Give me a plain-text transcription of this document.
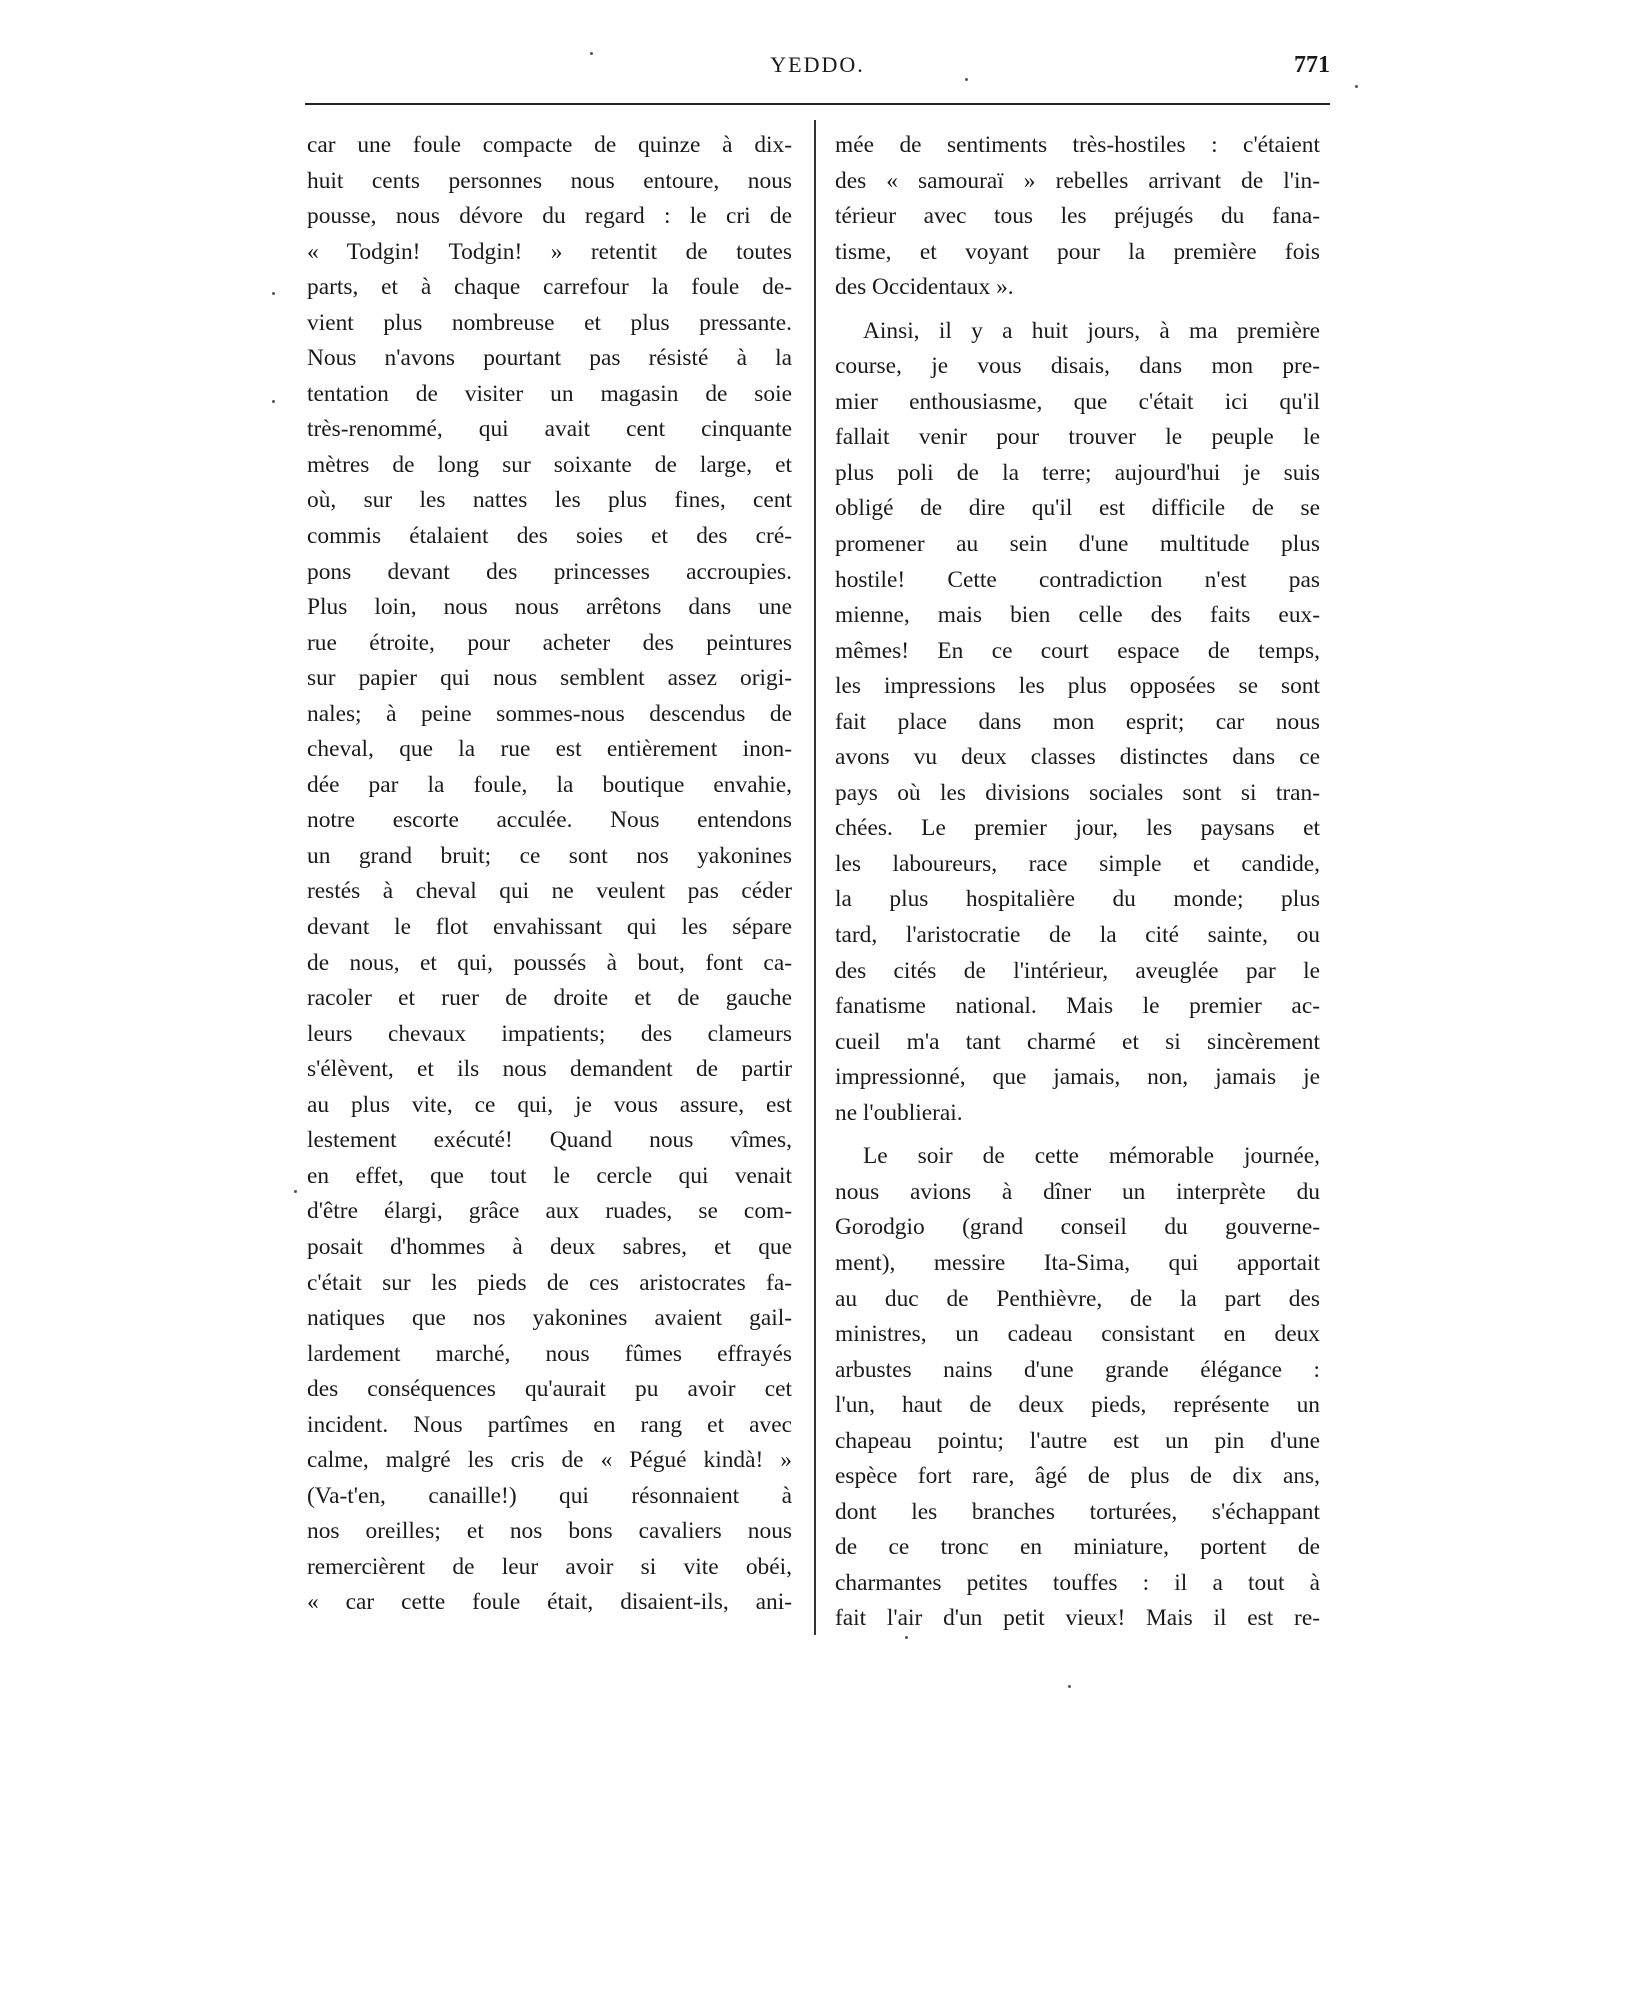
YEDDO.	771
car une foule compacte de quinze à dix-
huit cents personnes nous entoure, nous
pousse, nous dévore du regard : le cri de
« Todgin! Todgin! » retentit de toutes
parts, et à chaque carrefour la foule de-
vient plus nombreuse et plus pressante.
Nous n'avons pourtant pas résisté à la
tentation de visiter un magasin de soie
très-renommé, qui avait cent cinquante
mètres de long sur soixante de large, et
où, sur les nattes les plus fines, cent
commis étalaient des soies et des cré-
pons devant des princesses accroupies.
Plus loin, nous nous arrêtons dans une
rue étroite, pour acheter des peintures
sur papier qui nous semblent assez origi-
nales; à peine sommes-nous descendus de
cheval, que la rue est entièrement inon-
dée par la foule, la boutique envahie,
notre escorte acculée. Nous entendons
un grand bruit; ce sont nos yakonines
restés à cheval qui ne veulent pas céder
devant le flot envahissant qui les sépare
de nous, et qui, poussés à bout, font ca-
racoler et ruer de droite et de gauche
leurs chevaux impatients; des clameurs
s'élèvent, et ils nous demandent de partir
au plus vite, ce qui, je vous assure, est
lestement exécuté! Quand nous vîmes,
en effet, que tout le cercle qui venait
d'être élargi, grâce aux ruades, se com-
posait d'hommes à deux sabres, et que
c'était sur les pieds de ces aristocrates fa-
natiques que nos yakonines avaient gail-
lardement marché, nous fûmes effrayés
des conséquences qu'aurait pu avoir cet
incident. Nous partîmes en rang et avec
calme, malgré les cris de « Pégué kindà! »
(Va-t'en, canaille!) qui résonnaient à
nos oreilles; et nos bons cavaliers nous
remercièrent de leur avoir si vite obéi,
« car cette foule était, disaient-ils, ani-
mée de sentiments très-hostiles : c'étaient
des « samouraï » rebelles arrivant de l'in-
térieur avec tous les préjugés du fana-
tisme, et voyant pour la première fois
des Occidentaux ».
Ainsi, il y a huit jours, à ma première
course, je vous disais, dans mon pre-
mier enthousiasme, que c'était ici qu'il
fallait venir pour trouver le peuple le
plus poli de la terre; aujourd'hui je suis
obligé de dire qu'il est difficile de se
promener au sein d'une multitude plus
hostile! Cette contradiction n'est pas
mienne, mais bien celle des faits eux-
mêmes! En ce court espace de temps,
les impressions les plus opposées se sont
fait place dans mon esprit; car nous
avons vu deux classes distinctes dans ce
pays où les divisions sociales sont si tran-
chées. Le premier jour, les paysans et
les laboureurs, race simple et candide,
la plus hospitalière du monde; plus
tard, l'aristocratie de la cité sainte, ou
des cités de l'intérieur, aveuglée par le
fanatisme national. Mais le premier ac-
cueil m'a tant charmé et si sincèrement
impressionné, que jamais, non, jamais je
ne l'oublierai.
Le soir de cette mémorable journée,
nous avions à dîner un interprète du
Gorodgio (grand conseil du gouverne-
ment), messire Ita-Sima, qui apportait
au duc de Penthièvre, de la part des
ministres, un cadeau consistant en deux
arbustes nains d'une grande élégance :
l'un, haut de deux pieds, représente un
chapeau pointu; l'autre est un pin d'une
espèce fort rare, âgé de plus de dix ans,
dont les branches torturées, s'échappant
de ce tronc en miniature, portent de
charmantes petites touffes : il a tout à
fait l'air d'un petit vieux! Mais il est re-
